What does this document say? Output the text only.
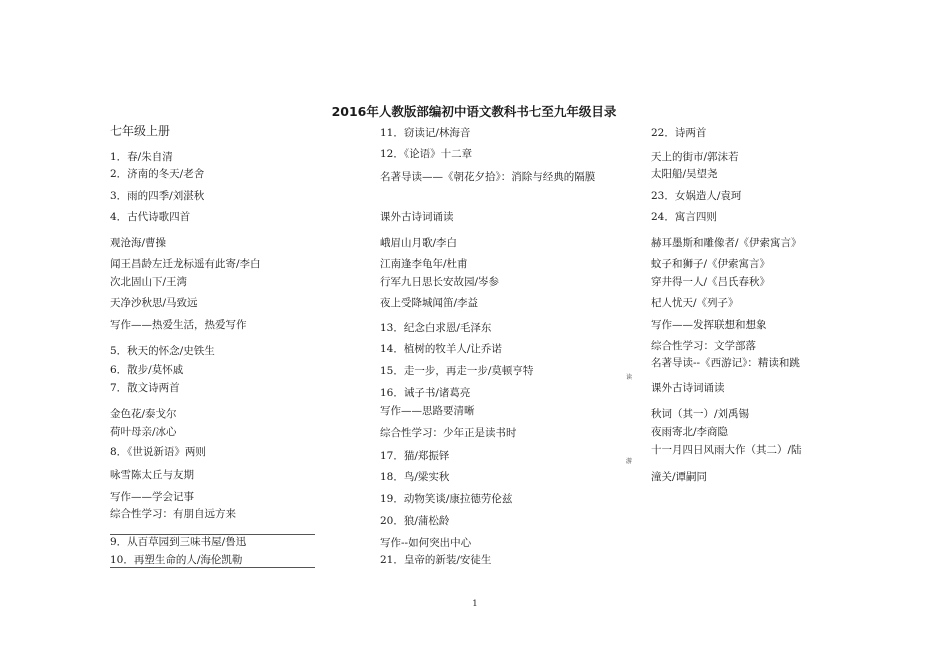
2016年人教版部编初中语文教科书七至九年级目录
七年级上册
1．春/朱自清
2．济南的冬天/老舍
3．雨的四季/刘湛秋
4．古代诗歌四首
观沧海/曹操
闻王昌龄左迁龙标遥有此寄/李白
次北固山下/王湾
天净沙秋思/马致远
写作——热爱生活，热爱写作
5．秋天的怀念/史铁生
6．散步/莫怀戚
7．散文诗两首
金色花/泰戈尔
荷叶母亲/冰心
8．《世说新语》两则
咏雪陈太丘与友期
写作——学会记事
综合性学习：有朋自远方来
9．从百草园到三味书屋/鲁迅
10．再塑生命的人/海伦凯勒
11．窃读记/林海音
12．《论语》十二章
名著导读——《朝花夕拾》：消除与经典的隔膜
课外古诗词诵读
峨眉山月歌/李白
江南逢李龟年/杜甫
行军九日思长安故园/岑参
夜上受降城闻笛/李益
13．纪念白求恩/毛泽东
14．植树的牧羊人/让乔诺
15．走一步，再走一步/莫顿亨特
16．诫子书/诸葛亮
写作——思路要清晰
综合性学习：少年正是读书时
17．猫/郑振铎
18．鸟/梁实秋
19．动物笑谈/康拉德劳伦兹
20．狼/蒲松龄
写作--如何突出中心
21．皇帝的新装/安徒生
22．诗两首
天上的街市/郭沫若
太阳船/吴望尧
23．女娲造人/袁珂
24．寓言四则
赫耳墨斯和雕像者/《伊索寓言》
蚊子和狮子/《伊索寓言》
穿井得一人/《吕氏春秋》
杞人忧天/《列子》
写作——发挥联想和想象
综合性学习：文学部落
名著导读--《西游记》：精读和跳
课外古诗词诵读
秋词（其一）/刘禹锡
夜雨寄北/李商隐
十一月四日风雨大作（其二）/陆
潼关/谭嗣同
读
游
1
